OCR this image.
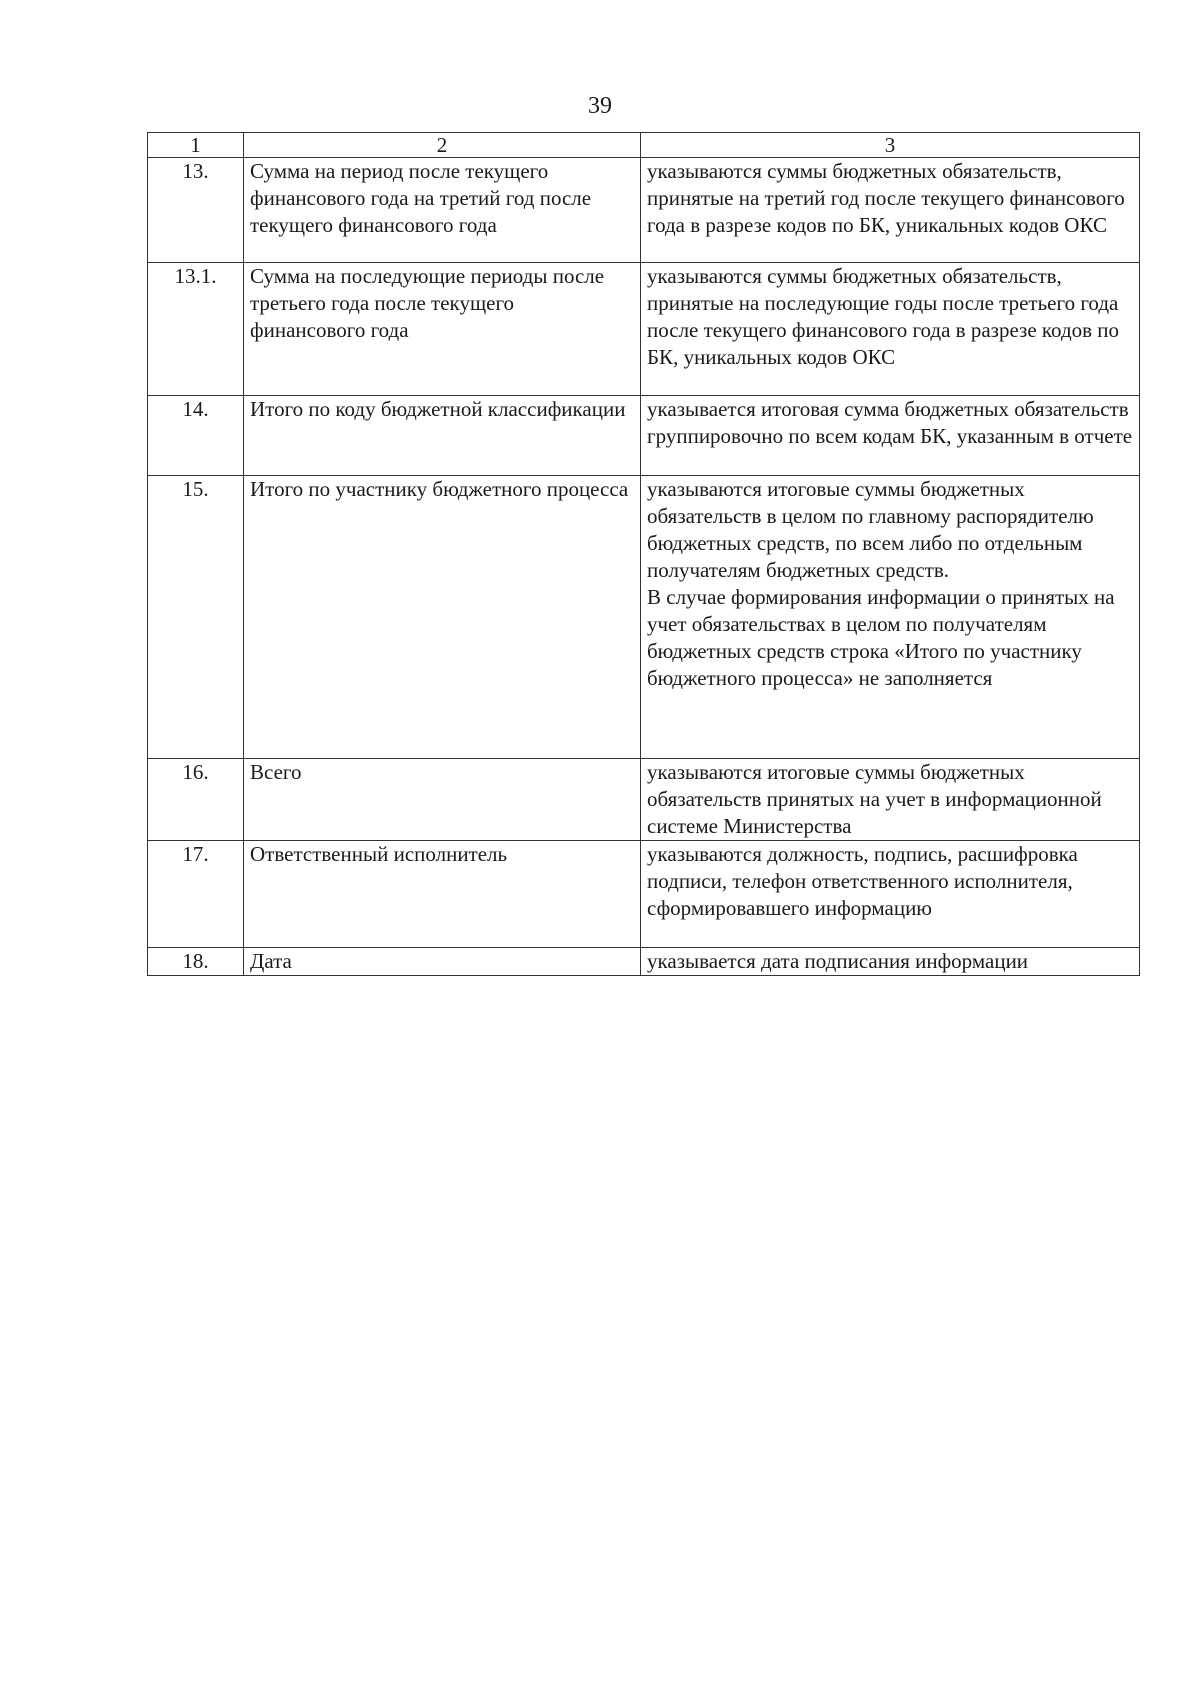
39
1	2	3
13.	Сумма на период после текущего финансового года на третий год после текущего финансового года	указываются суммы бюджетных обязательств, принятые на третий год после текущего финансового года в разрезе кодов по БК, уникальных кодов ОКС

13.1.	Сумма на последующие периоды после третьего года после текущего финансового года	указываются суммы бюджетных обязательств, принятые на последующие годы после третьего года после текущего финансового года в разрезе кодов по БК, уникальных кодов ОКС

14.	Итого по коду бюджетной классификации	указывается итоговая сумма бюджетных обязательств группировочно по всем кодам БК, указанным в отчете

15.	Итого по участнику бюджетного процесса	указываются итоговые суммы бюджетных обязательств в целом по главному распорядителю бюджетных средств, по всем либо по отдельным получателям бюджетных средств.

В случае формирования информации о принятых на учет обязательствах в целом по получателям бюджетных средств строка «Итого по участнику бюджетного процесса» не заполняется

16.	Всего	указываются итоговые суммы бюджетных обязательств принятых на учет в информационной системе Министерства

17.	Ответственный исполнитель	указываются должность, подпись, расшифровка подписи, телефон ответственного исполнителя, сформировавшего информацию

18.	Дата	указывается дата подписания информации
